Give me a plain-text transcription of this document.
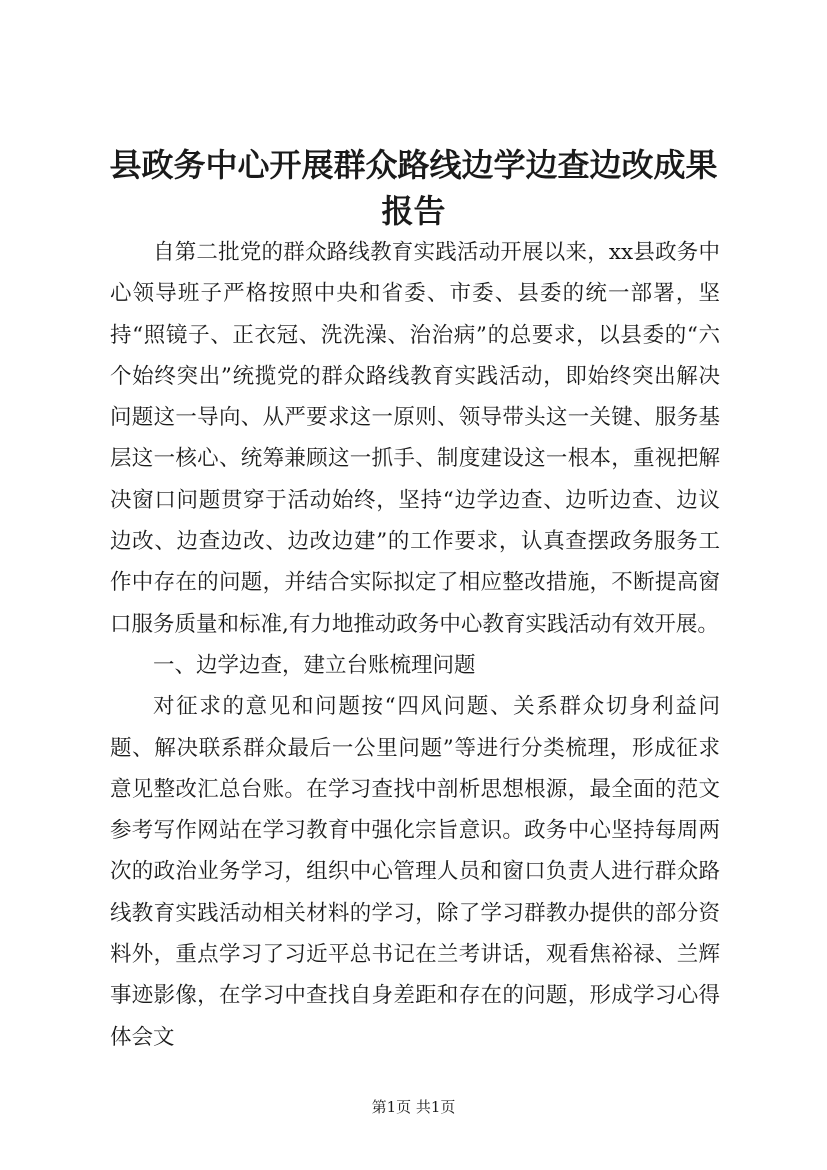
县政务中心开展群众路线边学边查边改成果报告

自第二批党的群众路线教育实践活动开展以来，xx县政务中心领导班子严格按照中央和省委、市委、县委的统一部署，坚持“照镜子、正衣冠、洗洗澡、治治病”的总要求，以县委的“六个始终突出”统揽党的群众路线教育实践活动，即始终突出解决问题这一导向、从严要求这一原则、领导带头这一关键、服务基层这一核心、统筹兼顾这一抓手、制度建设这一根本，重视把解决窗口问题贯穿于活动始终，坚持“边学边查、边听边查、边议边改、边查边改、边改边建”的工作要求，认真查摆政务服务工作中存在的问题，并结合实际拟定了相应整改措施，不断提高窗口服务质量和标准,有力地推动政务中心教育实践活动有效开展。

一、边学边查，建立台账梳理问题

对征求的意见和问题按“四风问题、关系群众切身利益问题、解决联系群众最后一公里问题”等进行分类梳理，形成征求意见整改汇总台账。在学习查找中剖析思想根源，最全面的范文参考写作网站在学习教育中强化宗旨意识。政务中心坚持每周两次的政治业务学习，组织中心管理人员和窗口负责人进行群众路线教育实践活动相关材料的学习，除了学习群教办提供的部分资料外，重点学习了习近平总书记在兰考讲话，观看焦裕禄、兰辉事迹影像，在学习中查找自身差距和存在的问题，形成学习心得体会文

第1页 共1页
